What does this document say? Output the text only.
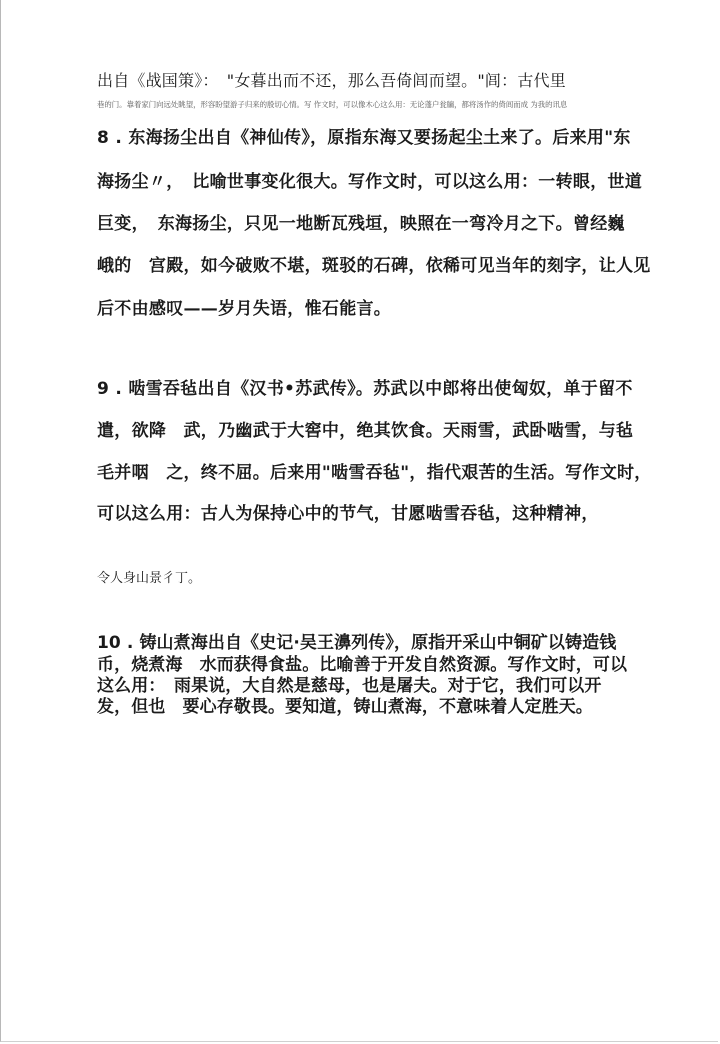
出自《战国策》：　"女暮出而不还，那么吾倚闾而望。"闾：古代里

巷的门。靠着家门向远处眺望，形容盼望游子归来的殷切心情。写 作文时，可以像木心这么用：无论蓬户瓮牖，都将汤作的倚闾而成 为我的讯息

8 . 东海扬尘出自《神仙传》，原指东海又要扬起尘土来了。后来用"东

海扬尘〃，　比喻世事变化很大。写作文时，可以这么用：一转眼，世道

巨变，　东海扬尘，只见一地断瓦残垣，映照在一弯冷月之下。曾经巍

峨的　宫殿，如今破败不堪，斑驳的石碑，依稀可见当年的刻字，让人见

后不由感叹——岁月失语，惟石能言。

9 . 啮雪吞毡出自《汉书•苏武传》。苏武以中郎将出使匈奴，单于留不

遣，欲降　武，乃幽武于大窖中，绝其饮食。天雨雪，武卧啮雪，与毡

毛并咽　之，终不屈。后来用"啮雪吞毡"，指代艰苦的生活。写作文时，

可以这么用：古人为保持心中的节气，甘愿啮雪吞毡，这种精神，

令人身山景彳丁。

10 . 铸山煮海出自《史记·吴王濞列传》，原指开采山中铜矿以铸造钱

币，烧煮海　水而获得食盐。比喻善于开发自然资源。写作文时，可以

这么用：　雨果说，大自然是慈母，也是屠夫。对于它，我们可以开

发，但也　要心存敬畏。要知道，铸山煮海，不意味着人定胜天。
